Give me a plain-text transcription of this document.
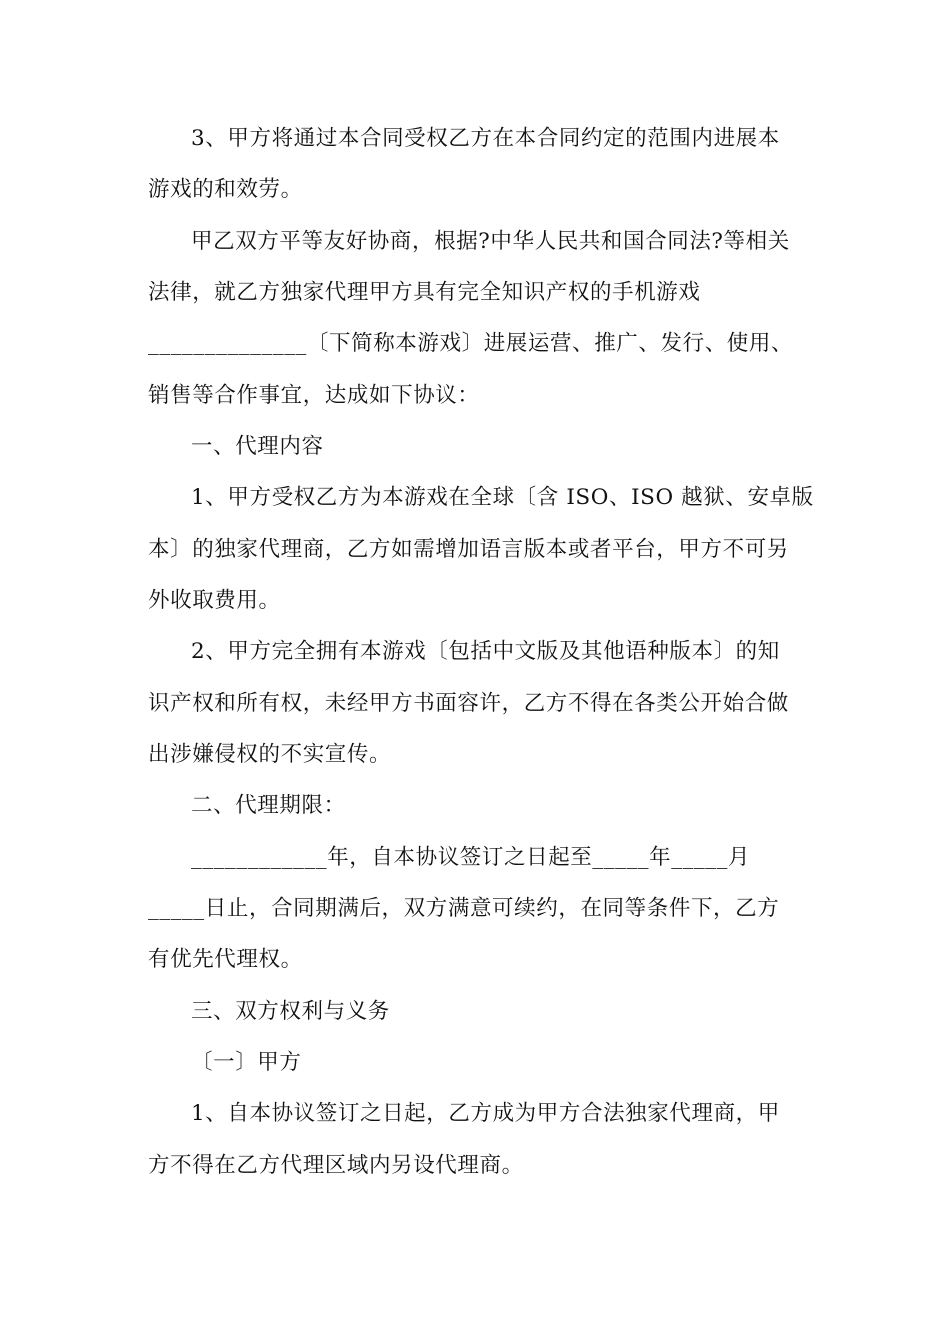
3、甲方将通过本合同受权乙方在本合同约定的范围内进展本
游戏的和效劳。
甲乙双方平等友好协商，根据?中华人民共和国合同法?等相关
法律，就乙方独家代理甲方具有完全知识产权的手机游戏
______________〔下简称本游戏〕进展运营、推广、发行、使用、
销售等合作事宜，达成如下协议：
一、代理内容
1、甲方受权乙方为本游戏在全球〔含 ISO、ISO 越狱、安卓版
本〕的独家代理商，乙方如需增加语言版本或者平台，甲方不可另
外收取费用。
2、甲方完全拥有本游戏〔包括中文版及其他语种版本〕的知
识产权和所有权，未经甲方书面容许，乙方不得在各类公开始合做
出涉嫌侵权的不实宣传。
二、代理期限：
____________年，自本协议签订之日起至_____年_____月
_____日止，合同期满后，双方满意可续约，在同等条件下，乙方
有优先代理权。
三、双方权利与义务
〔一〕甲方
1、自本协议签订之日起，乙方成为甲方合法独家代理商，甲
方不得在乙方代理区域内另设代理商。
